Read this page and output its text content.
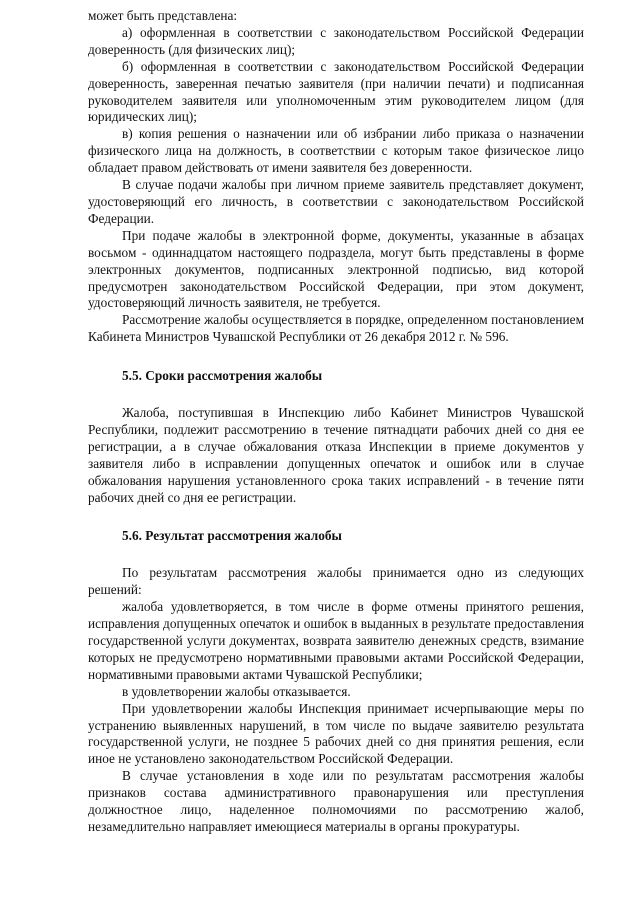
может быть представлена:

а) оформленная в соответствии с законодательством Российской Федерации доверенность (для физических лиц);

б) оформленная в соответствии с законодательством Российской Федерации доверенность, заверенная печатью заявителя (при наличии печати) и подписанная руководителем заявителя или уполномоченным этим руководителем лицом (для юридических лиц);

в) копия решения о назначении или об избрании либо приказа о назначении физического лица на должность, в соответствии с которым такое физическое лицо обладает правом действовать от имени заявителя без доверенности.

В случае подачи жалобы при личном приеме заявитель представляет документ, удостоверяющий его личность, в соответствии с законодательством Российской Федерации.

При подаче жалобы в электронной форме, документы, указанные в абзацах восьмом - одиннадцатом настоящего подраздела, могут быть представлены в форме электронных документов, подписанных электронной подписью, вид которой предусмотрен законодательством Российской Федерации, при этом документ, удостоверяющий личность заявителя, не требуется.

Рассмотрение жалобы осуществляется в порядке, определенном постановлением Кабинета Министров Чувашской Республики от 26 декабря 2012 г. № 596.

5.5. Сроки рассмотрения жалобы

Жалоба, поступившая в Инспекцию либо Кабинет Министров Чувашской Республики, подлежит рассмотрению в течение пятнадцати рабочих дней со дня ее регистрации, а в случае обжалования отказа Инспекции в приеме документов у заявителя либо в исправлении допущенных опечаток и ошибок или в случае обжалования нарушения установленного срока таких исправлений - в течение пяти рабочих дней со дня ее регистрации.

5.6. Результат рассмотрения жалобы

По результатам рассмотрения жалобы принимается одно из следующих решений:

жалоба удовлетворяется, в том числе в форме отмены принятого решения, исправления допущенных опечаток и ошибок в выданных в результате предоставления государственной услуги документах, возврата заявителю денежных средств, взимание которых не предусмотрено нормативными правовыми актами Российской Федерации, нормативными правовыми актами Чувашской Республики;

в удовлетворении жалобы отказывается.

При удовлетворении жалобы Инспекция принимает исчерпывающие меры по устранению выявленных нарушений, в том числе по выдаче заявителю результата государственной услуги, не позднее 5 рабочих дней со дня принятия решения, если иное не установлено законодательством Российской Федерации.

В случае установления в ходе или по результатам рассмотрения жалобы признаков состава административного правонарушения или преступления должностное лицо, наделенное полномочиями по рассмотрению жалоб, незамедлительно направляет имеющиеся материалы в органы прокуратуры.
